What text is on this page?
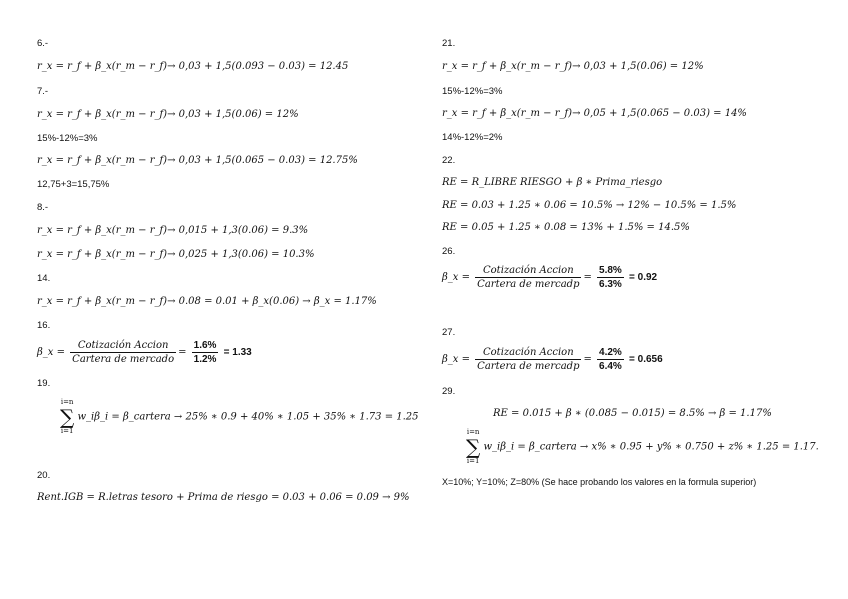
6.-
r_x = r_f + β_x(r_m − r_f)→ 0,03 + 1,5(0.093 − 0.03) = 12.45
7.-
r_x = r_f + β_x(r_m − r_f)→ 0,03 + 1,5(0.06) = 12%
15%-12%=3%
r_x = r_f + β_x(r_m − r_f)→ 0,03 + 1,5(0.065 − 0.03) = 12.75%
12,75+3=15,75%
8.-
r_x = r_f + β_x(r_m − r_f)→ 0,015 + 1,3(0.06) = 9.3%
r_x = r_f + β_x(r_m − r_f)→ 0,025 + 1,3(0.06) = 10.3%
14.
r_x = r_f + β_x(r_m − r_f)→ 0.08 = 0.01 + β_x(0.06) → β_x = 1.17%
16.
β_x = $\frac{\text{Cotización Accion}}{\text{Cartera de mercado}} = \frac{1.6\%}{1.2\%} = 1.33$
19.
i=n
∑
i=1
w_iβ_i = β_cartera → 25% ∗ 0.9 + 40% ∗ 1.05 + 35% ∗ 1.73 = 1.25
20.
Rent.IGB = R.letras tesoro + Prima de riesgo = 0.03 + 0.06 = 0.09 → 9%
21.
r_x = r_f + β_x(r_m − r_f)→ 0,03 + 1,5(0.06) = 12%
15%-12%=3%
r_x = r_f + β_x(r_m − r_f)→ 0,05 + 1,5(0.065 − 0.03) = 14%
14%-12%=2%
22.
RE = R_LIBRE RIESGO + β ∗ Prima_riesgo
RE = 0.03 + 1.25 ∗ 0.06 = 10.5% → 12% − 10.5% = 1.5%
RE = 0.05 + 1.25 ∗ 0.08 = 13% + 1.5% = 14.5%
26.
β_x = $\frac{\text{Cotización Accion}}{\text{Cartera de mercadp}} = \frac{5.8\%}{6.3\%} = 0.92$
27.
β_x = $\frac{\text{Cotización Accion}}{\text{Cartera de mercadp}} = \frac{4.2\%}{6.4\%} = 0.656$
29.
RE = 0.015 + β ∗ (0.085 − 0.015) = 8.5% → β = 1.17%
i=n
∑
i=1
w_iβ_i = β_cartera → x% ∗ 0.95 + y% ∗ 0.750 + z% ∗ 1.25 = 1.17.
X=10%; Y=10%; Z=80% (Se hace probando los valores en la formula superior)
